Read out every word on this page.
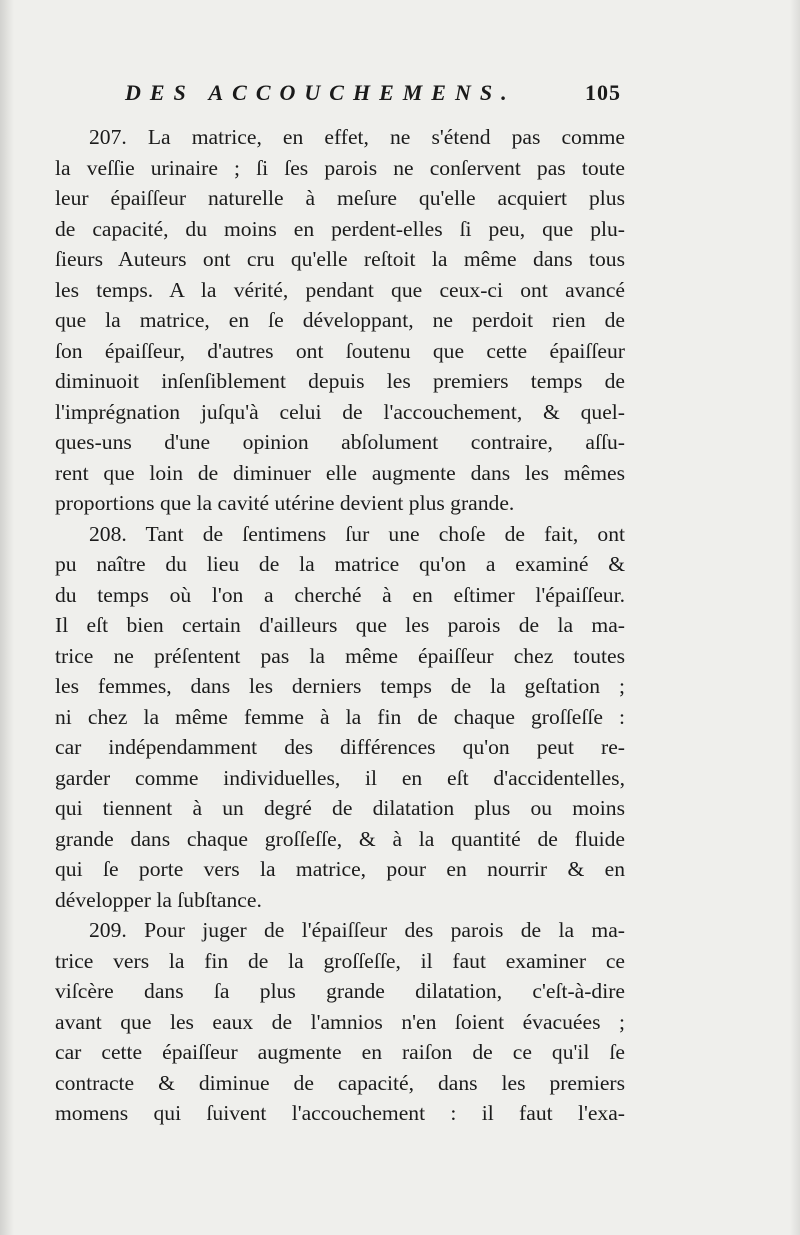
DES ACCOUCHEMENS.	105
207. La matrice, en effet, ne s'étend pas comme
la veſſie urinaire ; ſi ſes parois ne conſervent pas toute
leur épaiſſeur naturelle à meſure qu'elle acquiert plus
de capacité, du moins en perdent-elles ſi peu, que plu-
ſieurs Auteurs ont cru qu'elle reſtoit la même dans tous
les temps. A la vérité, pendant que ceux-ci ont avancé
que la matrice, en ſe développant, ne perdoit rien de
ſon épaiſſeur, d'autres ont ſoutenu que cette épaiſſeur
diminuoit inſenſiblement depuis les premiers temps de
l'imprégnation juſqu'à celui de l'accouchement, & quel-
ques-uns d'une opinion abſolument contraire, aſſu-
rent que loin de diminuer elle augmente dans les mêmes
proportions que la cavité utérine devient plus grande.
208. Tant de ſentimens ſur une choſe de fait, ont
pu naître du lieu de la matrice qu'on a examiné &
du temps où l'on a cherché à en eſtimer l'épaiſſeur.
Il eſt bien certain d'ailleurs que les parois de la ma-
trice ne préſentent pas la même épaiſſeur chez toutes
les femmes, dans les derniers temps de la geſtation ;
ni chez la même femme à la fin de chaque groſſeſſe :
car indépendamment des différences qu'on peut re-
garder comme individuelles, il en eſt d'accidentelles,
qui tiennent à un degré de dilatation plus ou moins
grande dans chaque groſſeſſe, & à la quantité de fluide
qui ſe porte vers la matrice, pour en nourrir & en
développer la ſubſtance.
209. Pour juger de l'épaiſſeur des parois de la ma-
trice vers la fin de la groſſeſſe, il faut examiner ce
viſcère dans ſa plus grande dilatation, c'eſt-à-dire
avant que les eaux de l'amnios n'en ſoient évacuées ;
car cette épaiſſeur augmente en raiſon de ce qu'il ſe
contracte & diminue de capacité, dans les premiers
momens qui ſuivent l'accouchement : il faut l'exa-
